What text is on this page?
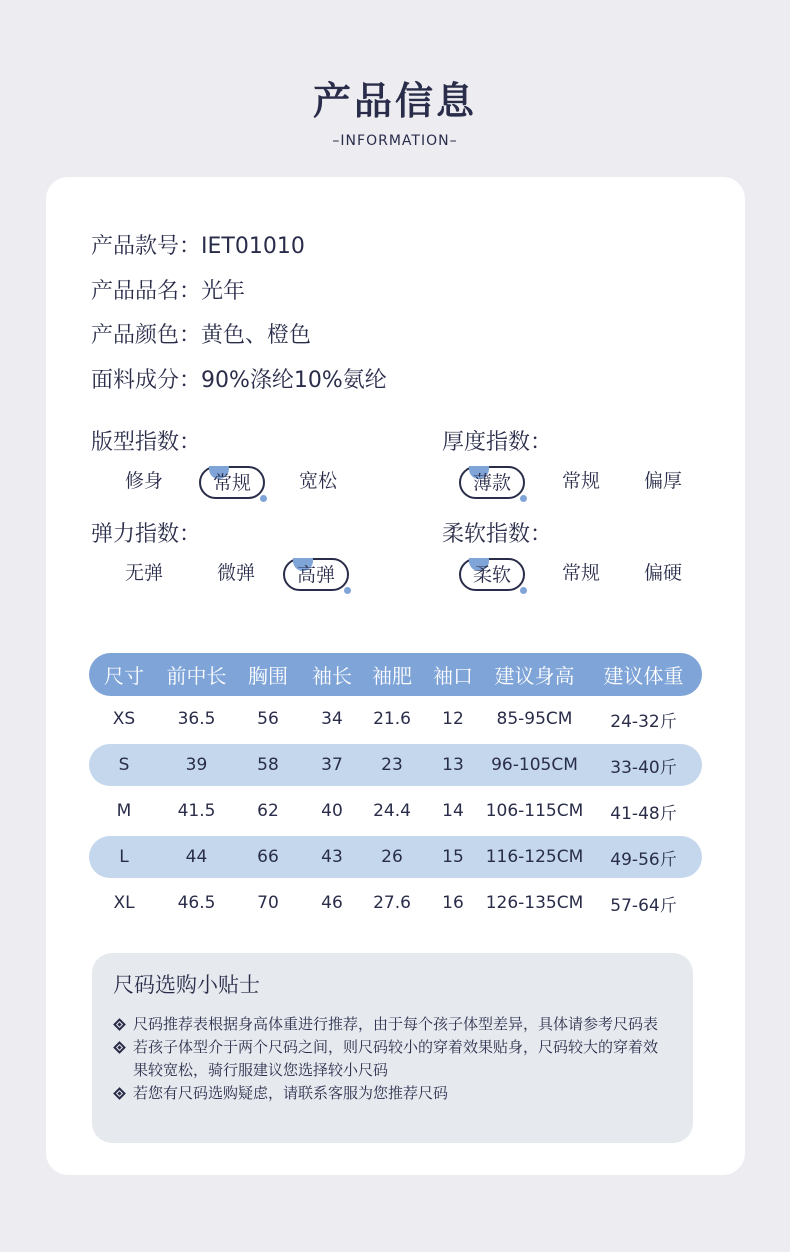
产品信息
–INFORMATION–
产品款号：IET01010
产品品名：光年
产品颜色：黄色、橙色
面料成分：90%涤纶10%氨纶
版型指数：
修身	常规	宽松
厚度指数：
薄款	常规	偏厚
弹力指数：
无弹	微弹	高弹
柔软指数：
柔软	常规	偏硬
尺寸	前中长	胸围	袖长	袖肥	袖口	建议身高	建议体重
XS	36.5	56	34	21.6	12	85-95CM	24-32斤
S	39	58	37	23	13	96-105CM	33-40斤
M	41.5	62	40	24.4	14	106-115CM	41-48斤
L	44	66	43	26	15	116-125CM	49-56斤
XL	46.5	70	46	27.6	16	126-135CM	57-64斤
尺码选购小贴士
尺码推荐表根据身高体重进行推荐，由于每个孩子体型差异，具体请参考尺码表
若孩子体型介于两个尺码之间，则尺码较小的穿着效果贴身，尺码较大的穿着效果较宽松，骑行服建议您选择较小尺码
若您有尺码选购疑虑，请联系客服为您推荐尺码
